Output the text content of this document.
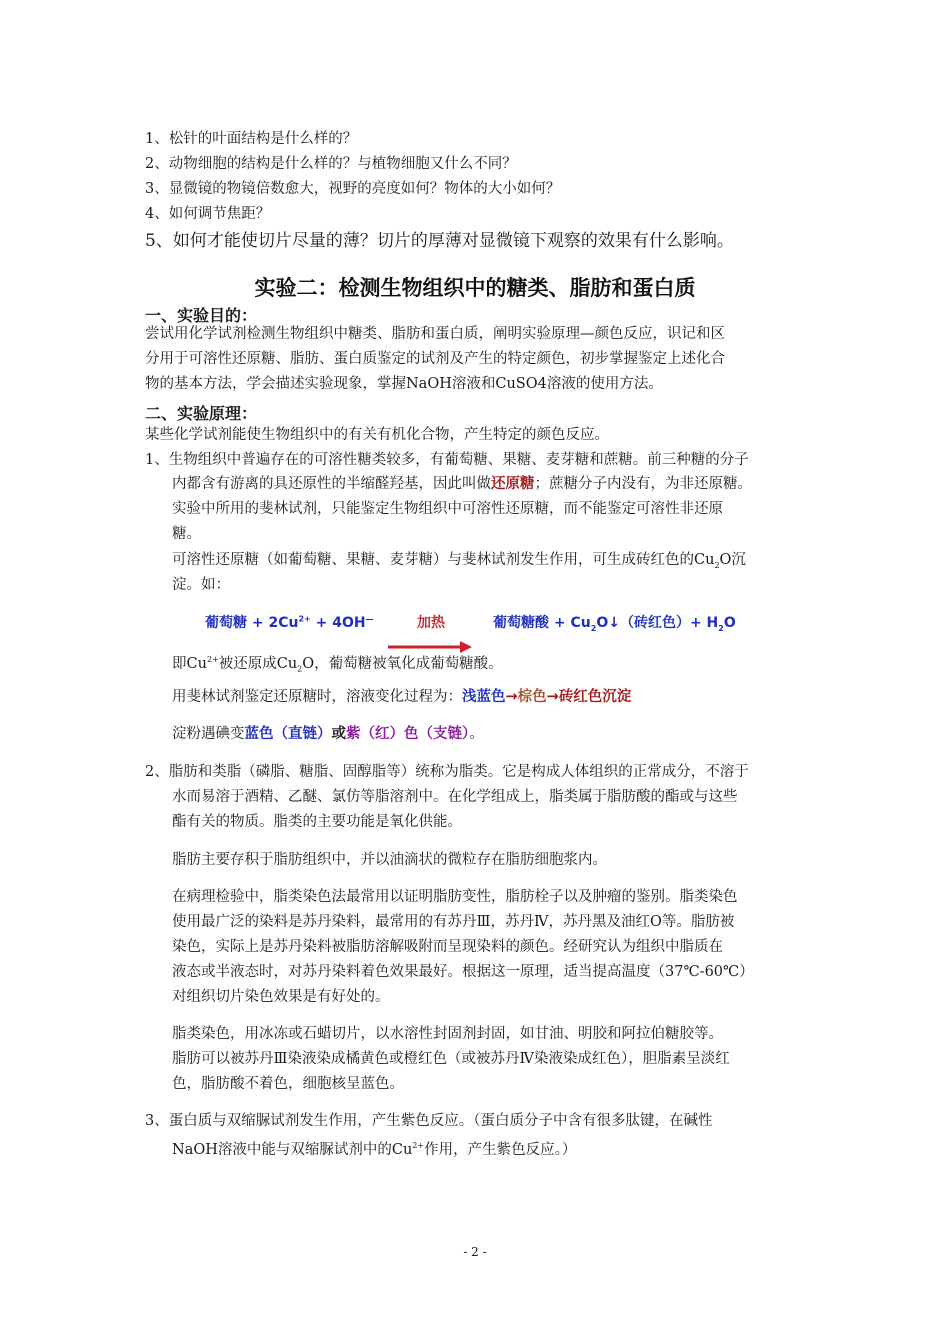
1、松针的叶面结构是什么样的？
2、动物细胞的结构是什么样的？与植物细胞又什么不同？
3、显微镜的物镜倍数愈大，视野的亮度如何？物体的大小如何？
4、如何调节焦距？
5、如何才能使切片尽量的薄？切片的厚薄对显微镜下观察的效果有什么影响。
实验二：检测生物组织中的糖类、脂肪和蛋白质
一、实验目的：
尝试用化学试剂检测生物组织中糖类、脂肪和蛋白质，阐明实验原理—颜色反应，识记和区
分用于可溶性还原糖、脂肪、蛋白质鉴定的试剂及产生的特定颜色，初步掌握鉴定上述化合
物的基本方法，学会描述实验现象，掌握NaOH溶液和CuSO4溶液的使用方法。
二、实验原理：
某些化学试剂能使生物组织中的有关有机化合物，产生特定的颜色反应。
1、生物组织中普遍存在的可溶性糖类较多，有葡萄糖、果糖、麦芽糖和蔗糖。前三种糖的分子
内都含有游离的具还原性的半缩醛羟基，因此叫做还原糖；蔗糖分子内没有，为非还原糖。
实验中所用的斐林试剂，只能鉴定生物组织中可溶性还原糖，而不能鉴定可溶性非还原
糖。
可溶性还原糖（如葡萄糖、果糖、麦芽糖）与斐林试剂发生作用，可生成砖红色的$Cu_2O$沉
淀。如：
葡萄糖 + $2Cu^{2+} + 4OH^—$	加热	葡萄糖酸 + $Cu_2O↓$（砖红色）+ $H_2O$
即$Cu^{2+}$被还原成$Cu_2O$，葡萄糖被氧化成葡萄糖酸。
用斐林试剂鉴定还原糖时，溶液变化过程为：浅蓝色→棕色→砖红色沉淀
淀粉遇碘变蓝色（直链）或紫（红）色（支链）。
2、脂肪和类脂（磷脂、糖脂、固醇脂等）统称为脂类。它是构成人体组织的正常成分，不溶于
水而易溶于酒精、乙醚、氯仿等脂溶剂中。在化学组成上，脂类属于脂肪酸的酯或与这些
酯有关的物质。脂类的主要功能是氧化供能。
脂肪主要存积于脂肪组织中，并以油滴状的微粒存在脂肪细胞浆内。
在病理检验中，脂类染色法最常用以证明脂肪变性，脂肪栓子以及肿瘤的鉴别。脂类染色
使用最广泛的染料是苏丹染料，最常用的有苏丹Ⅲ，苏丹Ⅳ，苏丹黑及油红O等。脂肪被
染色，实际上是苏丹染料被脂肪溶解吸附而呈现染料的颜色。经研究认为组织中脂质在
液态或半液态时，对苏丹染料着色效果最好。根据这一原理，适当提高温度（37℃-60℃）
对组织切片染色效果是有好处的。
脂类染色，用冰冻或石蜡切片，以水溶性封固剂封固，如甘油、明胶和阿拉伯糖胶等。
脂肪可以被苏丹Ⅲ染液染成橘黄色或橙红色（或被苏丹Ⅳ染液染成红色），胆脂素呈淡红
色，脂肪酸不着色，细胞核呈蓝色。
3、蛋白质与双缩脲试剂发生作用，产生紫色反应。（蛋白质分子中含有很多肽键，在碱性
NaOH溶液中能与双缩脲试剂中的$Cu^{2+}$作用，产生紫色反应。）
- 2 -
